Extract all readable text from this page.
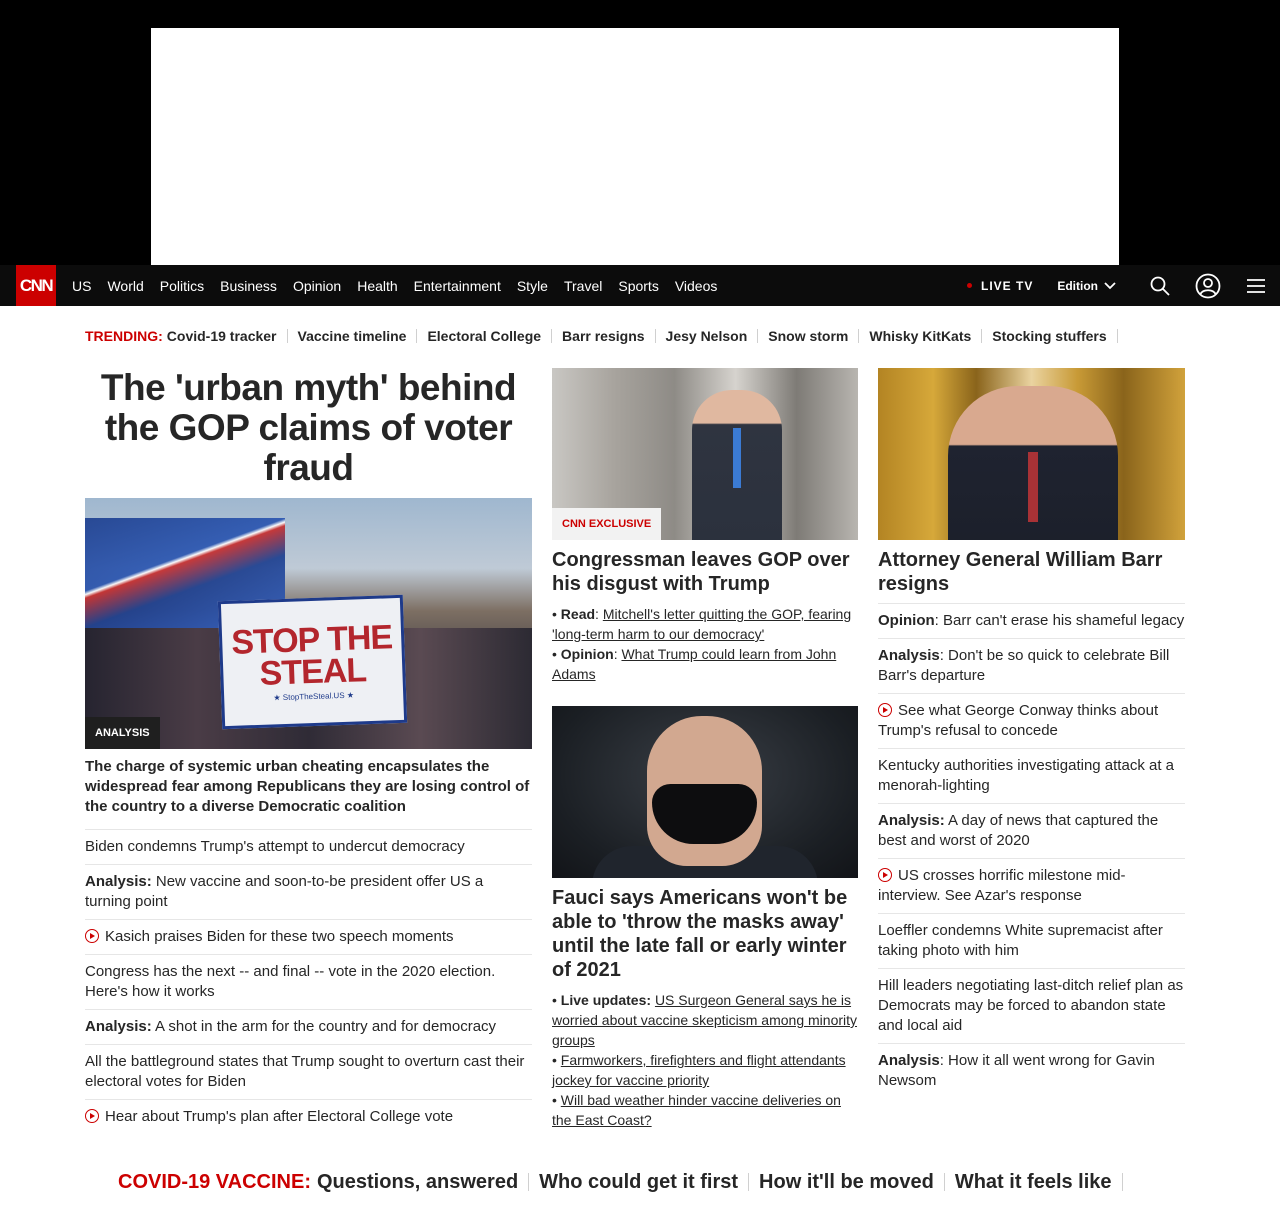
CNN US World Politics Business Opinion Health Entertainment Style Travel Sports Videos	LIVE TV Edition
TRENDING: Covid-19 tracker Vaccine timeline Electoral College Barr resigns Jesy Nelson Snow storm Whisky KitKats Stocking stuffers
The 'urban myth' behind the GOP claims of voter fraud
STOP THE STEAL
★ StopTheSteal.US ★
ANALYSIS
The charge of systemic urban cheating encapsulates the widespread fear among Republicans they are losing control of the country to a diverse Democratic coalition
Biden condemns Trump's attempt to undercut democracy
Analysis: New vaccine and soon-to-be president offer US a turning point
Kasich praises Biden for these two speech moments
Congress has the next -- and final -- vote in the 2020 election. Here's how it works
Analysis: A shot in the arm for the country and for democracy
All the battleground states that Trump sought to overturn cast their electoral votes for Biden
Hear about Trump's plan after Electoral College vote
CNN EXCLUSIVE
Congressman leaves GOP over his disgust with Trump
• Read: Mitchell's letter quitting the GOP, fearing 'long-term harm to our democracy'
• Opinion: What Trump could learn from John Adams
Fauci says Americans won't be able to 'throw the masks away' until the late fall or early winter of 2021
• Live updates: US Surgeon General says he is worried about vaccine skepticism among minority groups
• Farmworkers, firefighters and flight attendants jockey for vaccine priority
• Will bad weather hinder vaccine deliveries on the East Coast?
Attorney General William Barr resigns
Opinion: Barr can't erase his shameful legacy
Analysis: Don't be so quick to celebrate Bill Barr's departure
See what George Conway thinks about Trump's refusal to concede
Kentucky authorities investigating attack at a menorah-lighting
Analysis: A day of news that captured the best and worst of 2020
US crosses horrific milestone mid-interview. See Azar's response
Loeffler condemns White supremacist after taking photo with him
Hill leaders negotiating last-ditch relief plan as Democrats may be forced to abandon state and local aid
Analysis: How it all went wrong for Gavin Newsom
COVID-19 VACCINE: Questions, answered Who could get it first How it'll be moved What it feels like
